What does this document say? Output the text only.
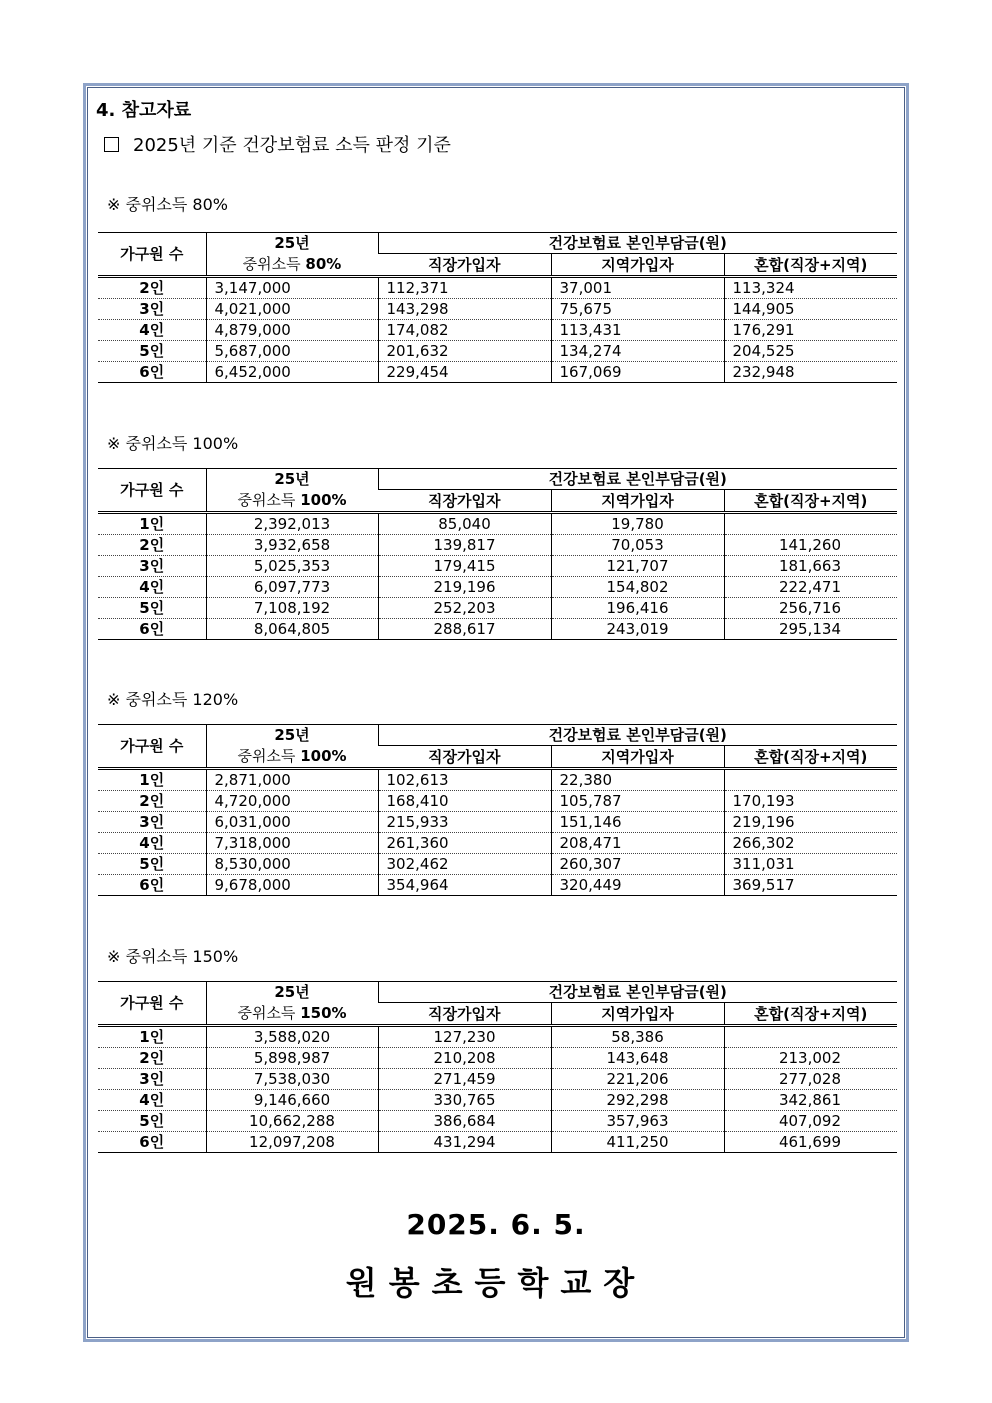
4. 참고자료
2025년 기준 건강보험료 소득 판정 기준
※ 중위소득 80%
가구원 수	25년
중위소득 80%	건강보험료 본인부담금(원)		
		직장가입자	지역가입자	혼합(직장+지역)
2인	3,147,000	112,371	37,001	113,324
3인	4,021,000	143,298	75,675	144,905
4인	4,879,000	174,082	113,431	176,291
5인	5,687,000	201,632	134,274	204,525
6인	6,452,000	229,454	167,069	232,948
※ 중위소득 100%
가구원 수	25년
중위소득 100%	건강보험료 본인부담금(원)		
		직장가입자	지역가입자	혼합(직장+지역)
1인	2,392,013	85,040	19,780	
2인	3,932,658	139,817	70,053	141,260
3인	5,025,353	179,415	121,707	181,663
4인	6,097,773	219,196	154,802	222,471
5인	7,108,192	252,203	196,416	256,716
6인	8,064,805	288,617	243,019	295,134
※ 중위소득 120%
가구원 수	25년
중위소득 100%	건강보험료 본인부담금(원)		
		직장가입자	지역가입자	혼합(직장+지역)
1인	2,871,000	102,613	22,380	
2인	4,720,000	168,410	105,787	170,193
3인	6,031,000	215,933	151,146	219,196
4인	7,318,000	261,360	208,471	266,302
5인	8,530,000	302,462	260,307	311,031
6인	9,678,000	354,964	320,449	369,517
※ 중위소득 150%
가구원 수	25년
중위소득 150%	건강보험료 본인부담금(원)		
		직장가입자	지역가입자	혼합(직장+지역)
1인	3,588,020	127,230	58,386	
2인	5,898,987	210,208	143,648	213,002
3인	7,538,030	271,459	221,206	277,028
4인	9,146,660	330,765	292,298	342,861
5인	10,662,288	386,684	357,963	407,092
6인	12,097,208	431,294	411,250	461,699
2025. 6. 5.
원봉초등학교장
